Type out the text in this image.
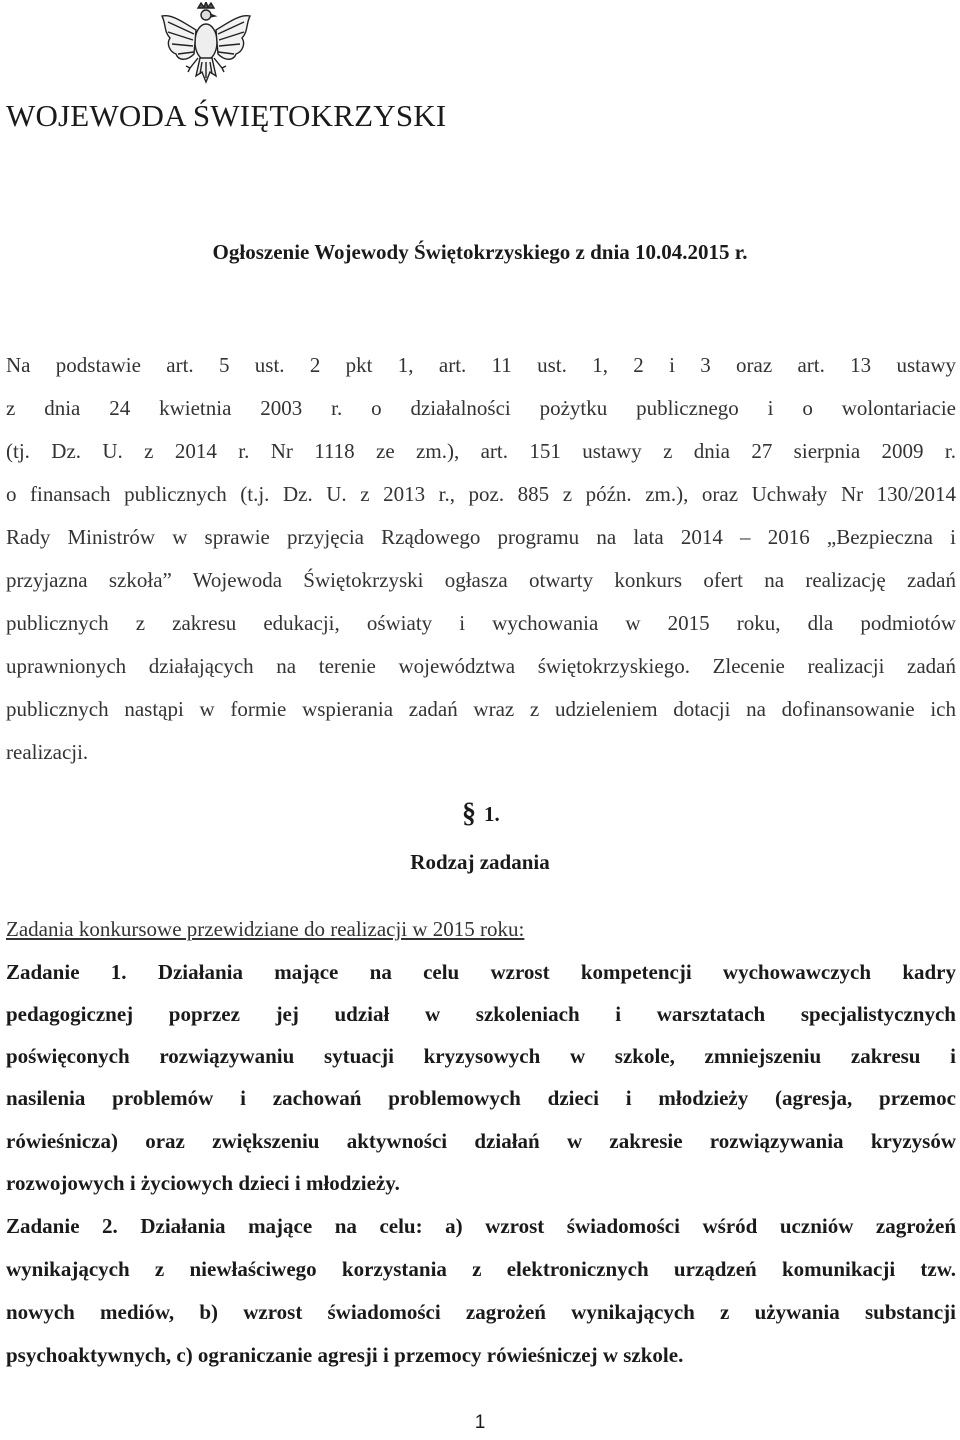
WOJEWODA ŚWIĘTOKRZYSKI
Ogłoszenie Wojewody Świętokrzyskiego z dnia 10.04.2015 r.
Na podstawie art. 5 ust. 2 pkt 1, art. 11 ust. 1, 2 i 3 oraz art. 13 ustawy
z dnia 24 kwietnia 2003 r. o działalności pożytku publicznego i o wolontariacie
(tj. Dz. U. z 2014 r. Nr 1118 ze zm.), art. 151 ustawy z dnia 27 sierpnia 2009 r.
o finansach publicznych (t.j. Dz. U. z 2013 r., poz. 885 z późn. zm.), oraz Uchwały Nr 130/2014
Rady Ministrów w sprawie przyjęcia Rządowego programu na lata 2014 – 2016 „Bezpieczna i
przyjazna szkoła” Wojewoda Świętokrzyski ogłasza otwarty konkurs ofert na realizację zadań
publicznych z zakresu edukacji, oświaty i wychowania w 2015 roku, dla podmiotów
uprawnionych działających na terenie województwa świętokrzyskiego. Zlecenie realizacji zadań
publicznych nastąpi w formie wspierania zadań wraz z udzieleniem dotacji na dofinansowanie ich
realizacji.
§ 1.
Rodzaj zadania
Zadania konkursowe przewidziane do realizacji w 2015 roku:
Zadanie 1. Działania mające na celu wzrost kompetencji wychowawczych kadry
pedagogicznej poprzez jej udział w szkoleniach i warsztatach specjalistycznych
poświęconych rozwiązywaniu sytuacji kryzysowych w szkole, zmniejszeniu zakresu i
nasilenia problemów i zachowań problemowych dzieci i młodzieży (agresja, przemoc
rówieśnicza) oraz zwiększeniu aktywności działań w zakresie rozwiązywania kryzysów
rozwojowych i życiowych dzieci i młodzieży.
Zadanie 2. Działania mające na celu: a) wzrost świadomości wśród uczniów zagrożeń
wynikających z niewłaściwego korzystania z elektronicznych urządzeń komunikacji tzw.
nowych mediów, b) wzrost świadomości zagrożeń wynikających z używania substancji
psychoaktywnych, c) ograniczanie agresji i przemocy rówieśniczej w szkole.
1
